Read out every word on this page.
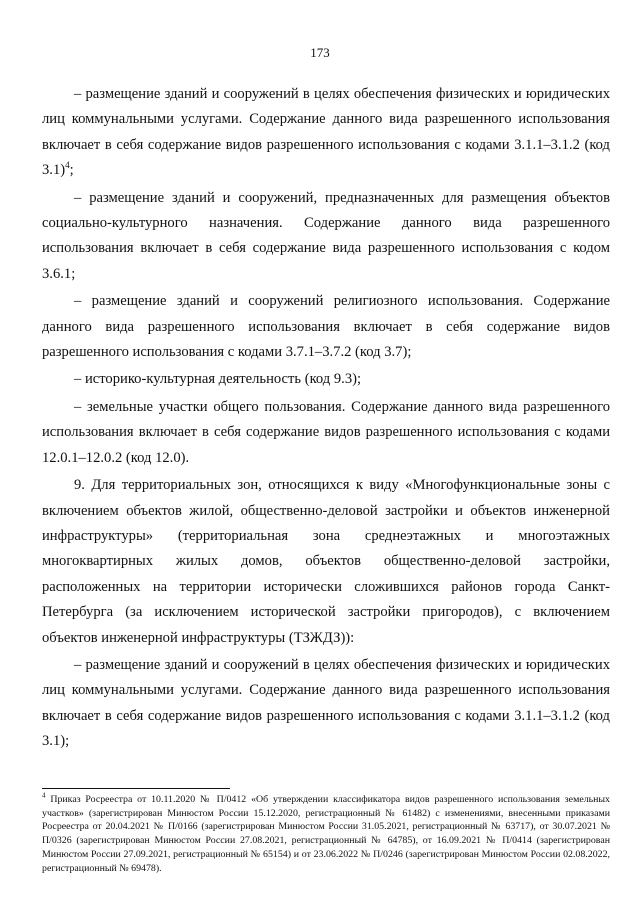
173

– размещение зданий и сооружений в целях обеспечения физических и юридических лиц коммунальными услугами. Содержание данного вида разрешенного использования включает в себя содержание видов разрешенного использования с кодами 3.1.1–3.1.2 (код 3.1)$^4$;

– размещение зданий и сооружений, предназначенных для размещения объектов социально-культурного назначения. Содержание данного вида разрешенного использования включает в себя содержание вида разрешенного использования с кодом 3.6.1;

– размещение зданий и сооружений религиозного использования. Содержание данного вида разрешенного использования включает в себя содержание видов разрешенного использования с кодами 3.7.1–3.7.2 (код 3.7);

– историко-культурная деятельность (код 9.3);

– земельные участки общего пользования. Содержание данного вида разрешенного использования включает в себя содержание видов разрешенного использования с кодами 12.0.1–12.0.2 (код 12.0).

9. Для территориальных зон, относящихся к виду «Многофункциональные зоны с включением объектов жилой, общественно-деловой застройки и объектов инженерной инфраструктуры» (территориальная зона среднеэтажных и многоэтажных многоквартирных жилых домов, объектов общественно-деловой застройки, расположенных на территории исторически сложившихся районов города Санкт-Петербурга (за исключением исторической застройки пригородов), с включением объектов инженерной инфраструктуры (ТЗЖДЗ)):

– размещение зданий и сооружений в целях обеспечения физических и юридических лиц коммунальными услугами. Содержание данного вида разрешенного использования включает в себя содержание видов разрешенного использования с кодами 3.1.1–3.1.2 (код 3.1);

$^4$ Приказ Росреестра от 10.11.2020 № П/0412 «Об утверждении классификатора видов разрешенного использования земельных участков» (зарегистрирован Минюстом России 15.12.2020, регистрационный № 61482) с изменениями, внесенными приказами Росреестра от 20.04.2021 № П/0166 (зарегистрирован Минюстом России 31.05.2021, регистрационный № 63717), от 30.07.2021 № П/0326 (зарегистрирован Минюстом России 27.08.2021, регистрационный № 64785), от 16.09.2021 № П/0414 (зарегистрирован Минюстом России 27.09.2021, регистрационный № 65154) и от 23.06.2022 № П/0246 (зарегистрирован Минюстом России 02.08.2022, регистрационный № 69478).
